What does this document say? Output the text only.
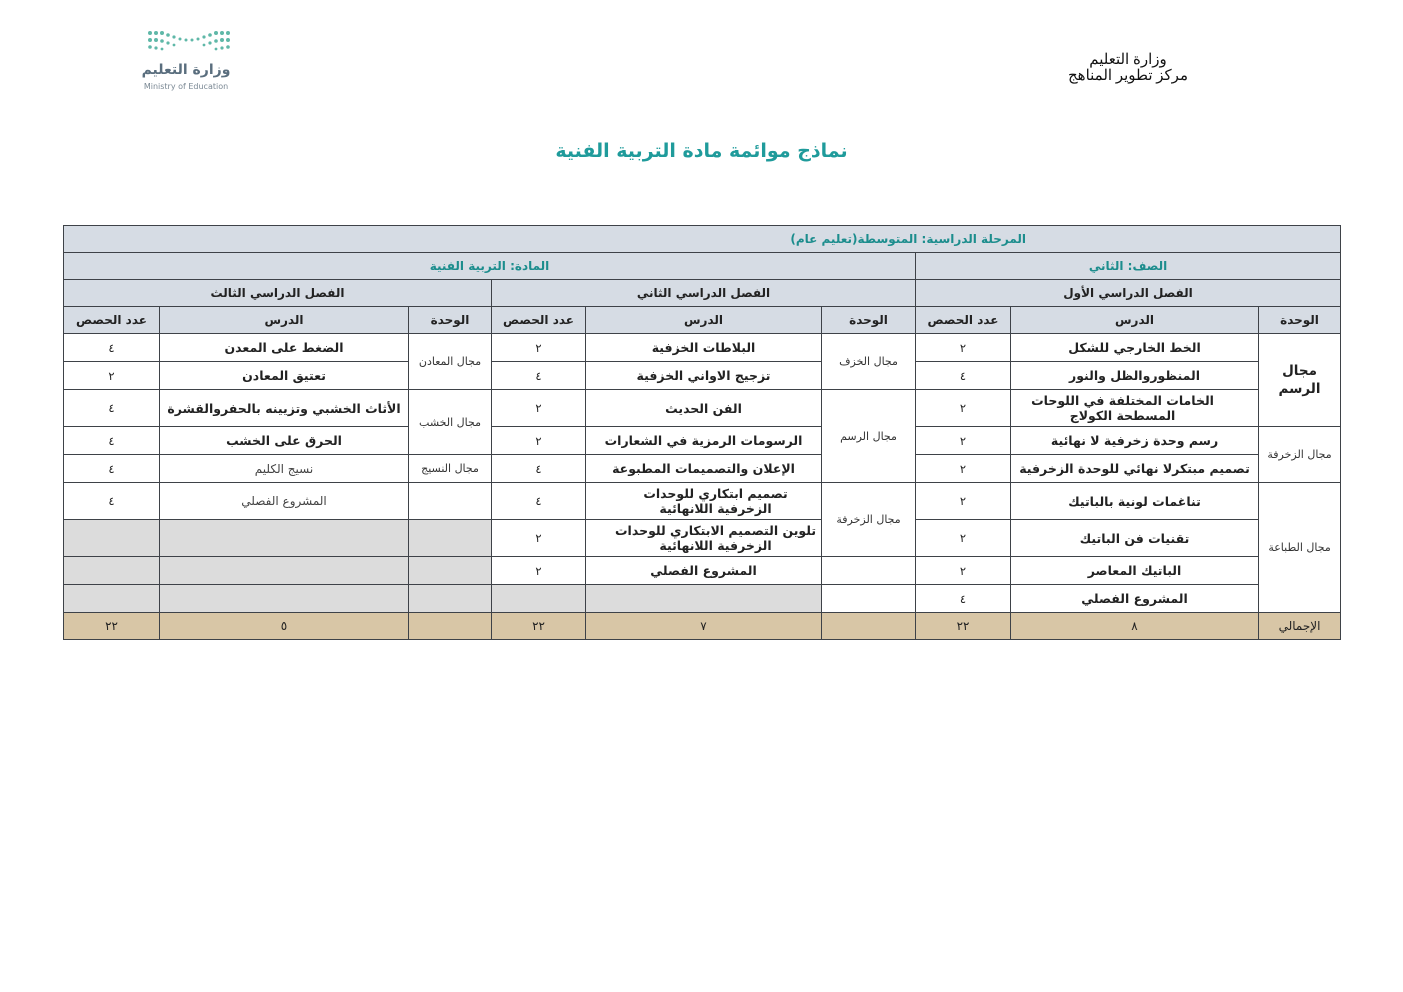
وزارة التعليم
Ministry of Education
وزارة التعليم
مركز تطوير المناهج
نماذج موائمة مادة التربية الفنية
المرحلة الدراسية: المتوسطة
(تعليم عام)								

الصف: الثاني			المادة: التربية الفنية					
الفصل الدراسي الأول			الفصل الدراسي الثاني			الفصل الدراسي الثالث		
الوحدة	الدرس	عدد الحصص	الوحدة	الدرس	عدد الحصص	الوحدة	الدرس	عدد الحصص
مجال الرسم	الخط الخارجي للشكل	٢	مجال الخزف	البلاطات الخزفية	٢	مجال المعادن	الضغط على المعدن	٤
	المنظوروالظل والنور	٤		تزجيج الاواني الخزفية	٤		تعتيق المعادن	٢
	الخامات المختلفة في اللوحات المسطحة الكولاج	٢	مجال الرسم	الفن الحديث	٢	مجال الخشب	الأثاث الخشبي وتزيينه بالحفروالقشرة	٤
مجال الزخرفة	رسم وحدة زخرفية لا نهائية	٢		الرسومات الرمزية في الشعارات	٢		الحرق على الخشب	٤
	تصميم مبتكرلا نهائي للوحدة الزخرفية	٢		الإعلان والتصميمات المطبوعة	٤	مجال النسيج	نسيج الكليم	٤
مجال الطباعة	تناغمات لونية بالباتيك	٢	مجال الزخرفة	تصميم ابتكاري للوحدات الزخرفية اللانهائية	٤		المشروع الفصلي	٤
	تقنيات فن الباتيك	٢		تلوين التصميم الابتكاري للوحدات الزخرفية اللانهائية	٢			
	الباتيك المعاصر	٢		المشروع الفصلي	٢			
	المشروع الفصلي	٤						
الإجمالي	٨	٢٢		٧	٢٢		٥	٢٢
